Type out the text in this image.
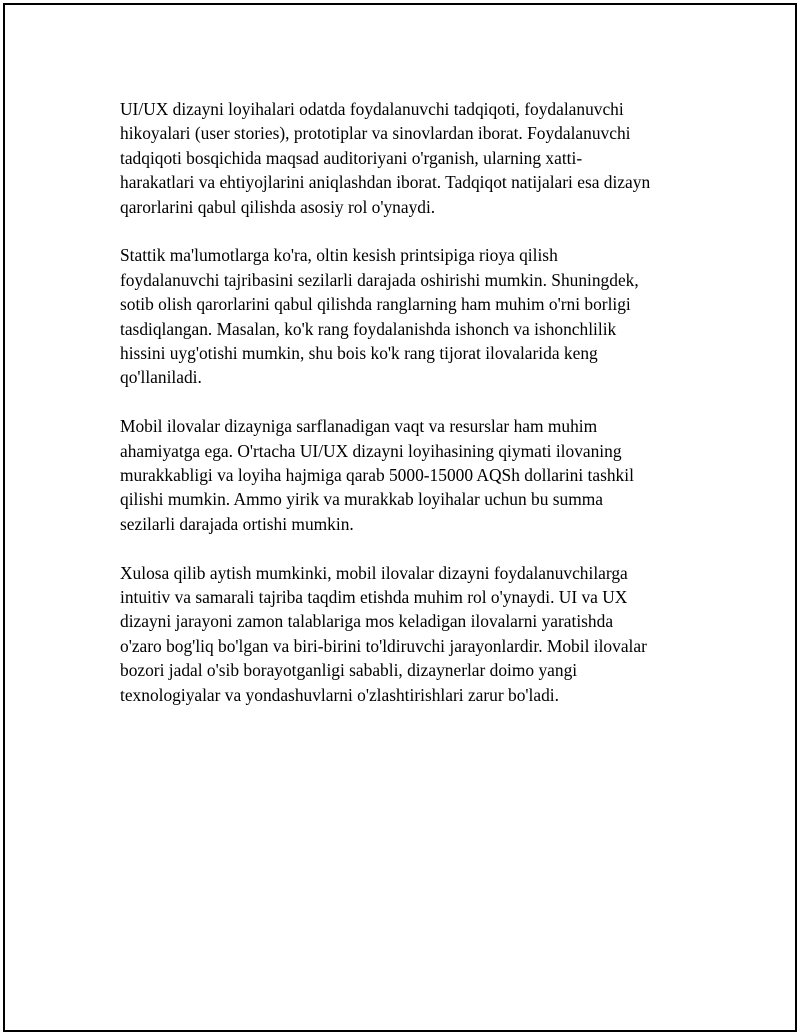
UI/UX dizayni loyihalari odatda foydalanuvchi tadqiqoti, foydalanuvchi
hikoyalari (user stories), prototiplar va sinovlardan iborat. Foydalanuvchi
tadqiqoti bosqichida maqsad auditoriyani o'rganish, ularning xatti-
harakatlari va ehtiyojlarini aniqlashdan iborat. Tadqiqot natijalari esa dizayn
qarorlarini qabul qilishda asosiy rol o'ynaydi.

Stattik ma'lumotlarga ko'ra, oltin kesish printsipiga rioya qilish
foydalanuvchi tajribasini sezilarli darajada oshirishi mumkin. Shuningdek,
sotib olish qarorlarini qabul qilishda ranglarning ham muhim o'rni borligi
tasdiqlangan. Masalan, ko'k rang foydalanishda ishonch va ishonchlilik
hissini uyg'otishi mumkin, shu bois ko'k rang tijorat ilovalarida keng
qo'llaniladi.

Mobil ilovalar dizayniga sarflanadigan vaqt va resurslar ham muhim
ahamiyatga ega. O'rtacha UI/UX dizayni loyihasining qiymati ilovaning
murakkabligi va loyiha hajmiga qarab 5000-15000 AQSh dollarini tashkil
qilishi mumkin. Ammo yirik va murakkab loyihalar uchun bu summa
sezilarli darajada ortishi mumkin.

Xulosa qilib aytish mumkinki, mobil ilovalar dizayni foydalanuvchilarga
intuitiv va samarali tajriba taqdim etishda muhim rol o'ynaydi. UI va UX
dizayni jarayoni zamon talablariga mos keladigan ilovalarni yaratishda
o'zaro bog'liq bo'lgan va biri-birini to'ldiruvchi jarayonlardir. Mobil ilovalar
bozori jadal o'sib borayotganligi sababli, dizaynerlar doimo yangi
texnologiyalar va yondashuvlarni o'zlashtirishlari zarur bo'ladi.
